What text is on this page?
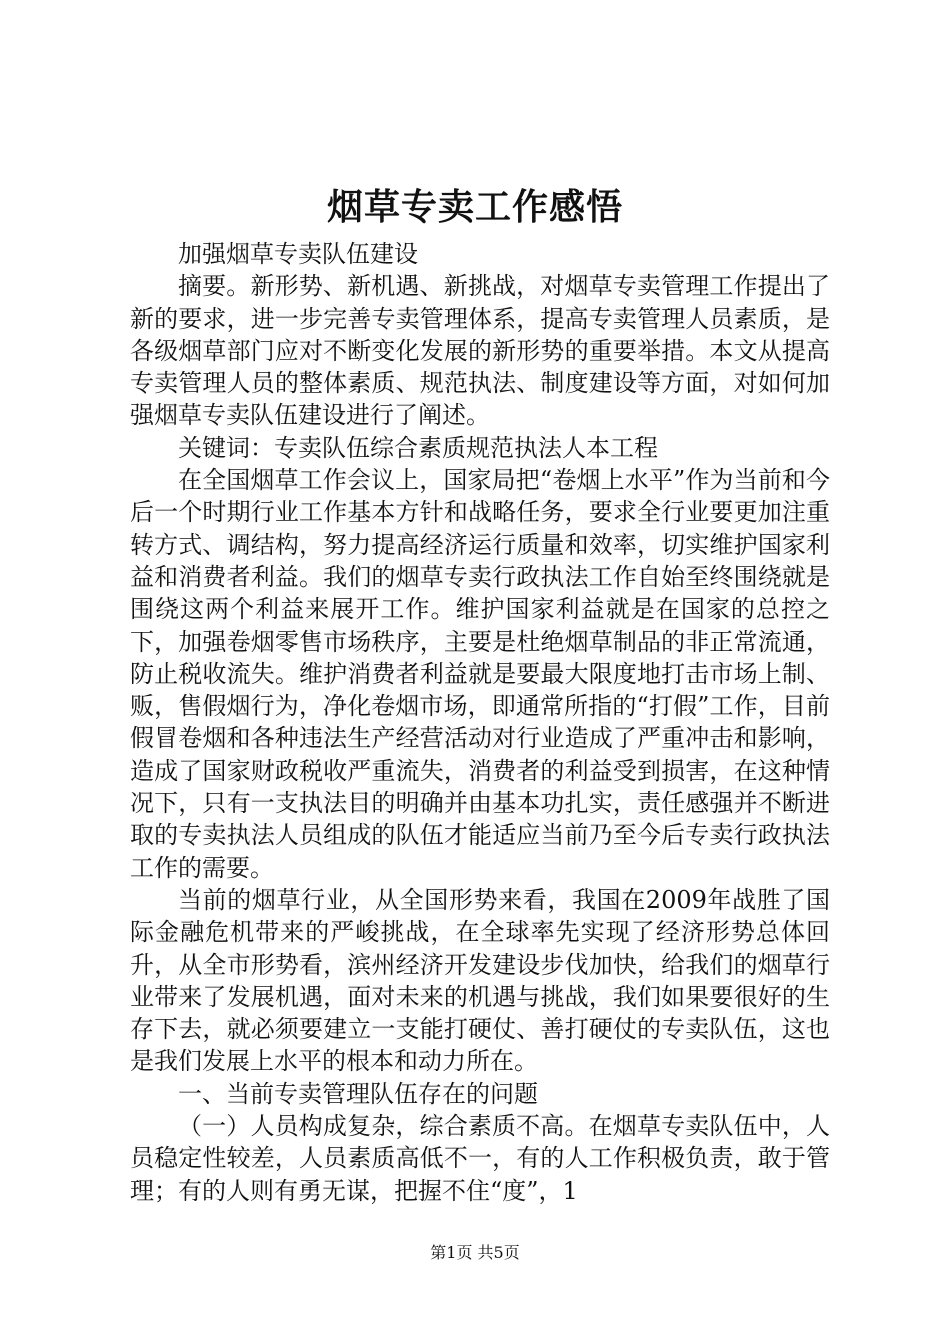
烟草专卖工作感悟

加强烟草专卖队伍建设

摘要。新形势、新机遇、新挑战，对烟草专卖管理工作提出了新的要求，进一步完善专卖管理体系，提高专卖管理人员素质，是各级烟草部门应对不断变化发展的新形势的重要举措。本文从提高专卖管理人员的整体素质、规范执法、制度建设等方面，对如何加强烟草专卖队伍建设进行了阐述。

关键词：专卖队伍综合素质规范执法人本工程

在全国烟草工作会议上，国家局把“卷烟上水平”作为当前和今后一个时期行业工作基本方针和战略任务，要求全行业要更加注重转方式、调结构，努力提高经济运行质量和效率，切实维护国家利益和消费者利益。我们的烟草专卖行政执法工作自始至终围绕就是围绕这两个利益来展开工作。维护国家利益就是在国家的总控之下，加强卷烟零售市场秩序，主要是杜绝烟草制品的非正常流通，防止税收流失。维护消费者利益就是要最大限度地打击市场上制、贩，售假烟行为，净化卷烟市场，即通常所指的“打假”工作，目前假冒卷烟和各种违法生产经营活动对行业造成了严重冲击和影响，造成了国家财政税收严重流失，消费者的利益受到损害，在这种情况下，只有一支执法目的明确并由基本功扎实，责任感强并不断进取的专卖执法人员组成的队伍才能适应当前乃至今后专卖行政执法工作的需要。

当前的烟草行业，从全国形势来看，我国在2009年战胜了国际金融危机带来的严峻挑战，在全球率先实现了经济形势总体回升，从全市形势看，滨州经济开发建设步伐加快，给我们的烟草行业带来了发展机遇，面对未来的机遇与挑战，我们如果要很好的生存下去，就必须要建立一支能打硬仗、善打硬仗的专卖队伍，这也是我们发展上水平的根本和动力所在。

一、当前专卖管理队伍存在的问题

（一）人员构成复杂，综合素质不高。在烟草专卖队伍中，人员稳定性较差，人员素质高低不一，有的人工作积极负责，敢于管理；有的人则有勇无谋，把握不住“度”，1

第1页 共5页
